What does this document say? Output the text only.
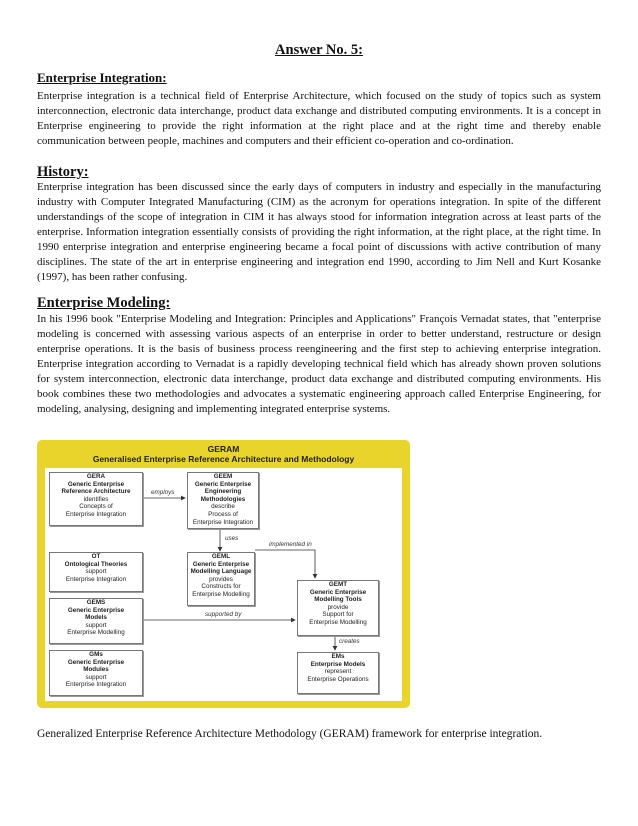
Answer No. 5:
Enterprise Integration:

Enterprise integration is a technical field of Enterprise Architecture, which focused on the study of topics such as system interconnection, electronic data interchange, product data exchange and distributed computing environments. It is a concept in Enterprise engineering to provide the right information at the right place and at the right time and thereby enable communication between people, machines and computers and their efficient co-operation and co-ordination.

History:

Enterprise integration has been discussed since the early days of computers in industry and especially in the manufacturing industry with Computer Integrated Manufacturing (CIM) as the acronym for operations integration. In spite of the different understandings of the scope of integration in CIM it has always stood for information integration across at least parts of the enterprise. Information integration essentially consists of providing the right information, at the right place, at the right time. In 1990 enterprise integration and enterprise engineering became a focal point of discussions with active contribution of many disciplines. The state of the art in enterprise engineering and integration end 1990, according to Jim Nell and Kurt Kosanke (1997), has been rather confusing.

Enterprise Modeling:

In his 1996 book "Enterprise Modeling and Integration: Principles and Applications" François Vernadat states, that "enterprise modeling is concerned with assessing various aspects of an enterprise in order to better understand, restructure or design enterprise operations. It is the basis of business process reengineering and the first step to achieving enterprise integration. Enterprise integration according to Vernadat is a rapidly developing technical field which has already shown proven solutions for system interconnection, electronic data interchange, product data exchange and distributed computing environments. His book combines these two methodologies and advocates a systematic engineering approach called Enterprise Engineering, for modeling, analysing, designing and implementing integrated enterprise systems.

GERAM
Generalised Enterprise Reference Architecture and Methodology
GERA
Generic Enterprise
Reference Architecture
identifies
Concepts of
Enterprise Integration
GEEM
Generic Enterprise
Engineering Methodologies
describe
Process of
Enterprise Integration
GEML
Generic Enterprise
Modelling Language
provides
Constructs for
Enterprise Modelling
OT
Ontological Theories
support
Enterprise Integration
GEMS
Generic Enterprise
Models
support
Enterprise Modelling
GMs
Generic Enterprise
Modules
support
Enterprise Integration
GEMT
Generic Enterprise
Modelling Tools
provide
Support for
Enterprise Modelling
EMs
Enterprise Models
represent
Enterprise Operations
employs
uses
implemented in
supported by
creates
Generalized Enterprise Reference Architecture Methodology (GERAM) framework for enterprise integration.
